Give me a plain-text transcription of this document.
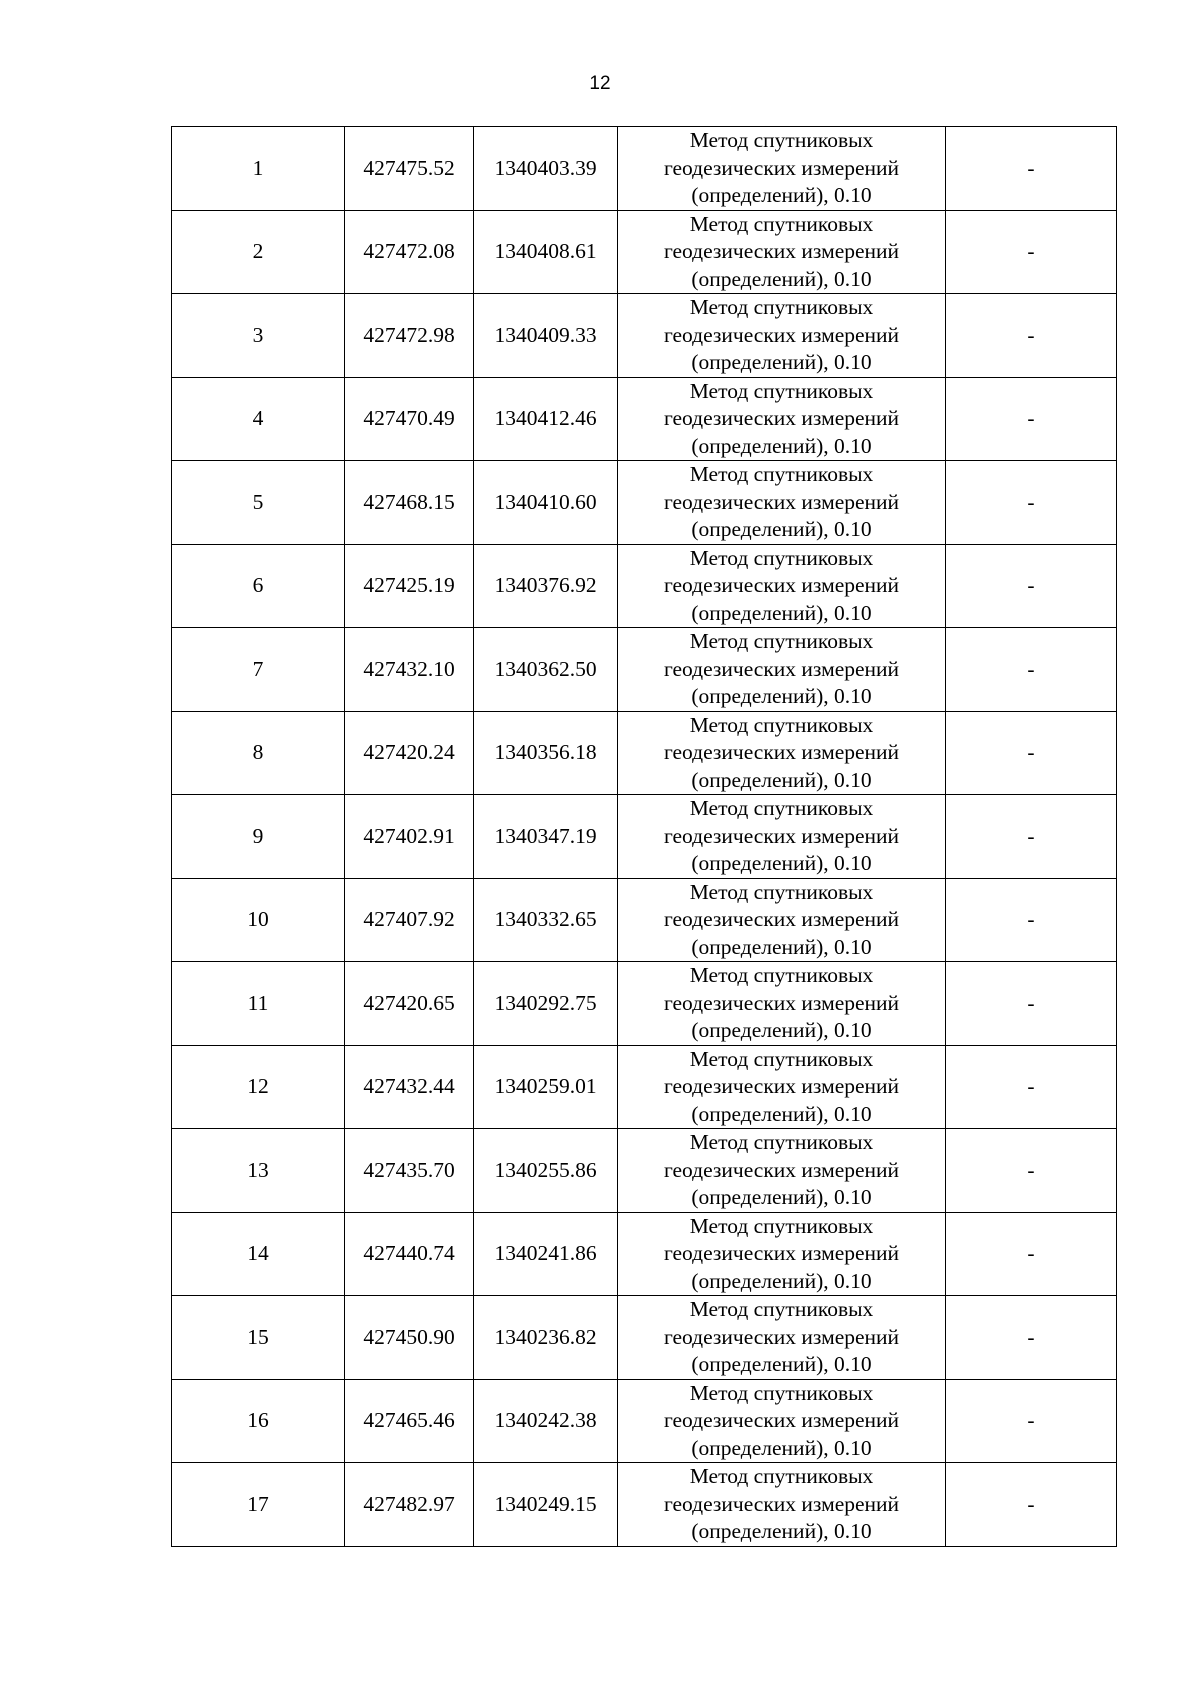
12
1	427475.52	1340403.39	Метод спутниковых
геодезических измерений
(определений), 0.10	-
2	427472.08	1340408.61	Метод спутниковых
геодезических измерений
(определений), 0.10	-
3	427472.98	1340409.33	Метод спутниковых
геодезических измерений
(определений), 0.10	-
4	427470.49	1340412.46	Метод спутниковых
геодезических измерений
(определений), 0.10	-
5	427468.15	1340410.60	Метод спутниковых
геодезических измерений
(определений), 0.10	-
6	427425.19	1340376.92	Метод спутниковых
геодезических измерений
(определений), 0.10	-
7	427432.10	1340362.50	Метод спутниковых
геодезических измерений
(определений), 0.10	-
8	427420.24	1340356.18	Метод спутниковых
геодезических измерений
(определений), 0.10	-
9	427402.91	1340347.19	Метод спутниковых
геодезических измерений
(определений), 0.10	-
10	427407.92	1340332.65	Метод спутниковых
геодезических измерений
(определений), 0.10	-
11	427420.65	1340292.75	Метод спутниковых
геодезических измерений
(определений), 0.10	-
12	427432.44	1340259.01	Метод спутниковых
геодезических измерений
(определений), 0.10	-
13	427435.70	1340255.86	Метод спутниковых
геодезических измерений
(определений), 0.10	-
14	427440.74	1340241.86	Метод спутниковых
геодезических измерений
(определений), 0.10	-
15	427450.90	1340236.82	Метод спутниковых
геодезических измерений
(определений), 0.10	-
16	427465.46	1340242.38	Метод спутниковых
геодезических измерений
(определений), 0.10	-
17	427482.97	1340249.15	Метод спутниковых
геодезических измерений
(определений), 0.10	-
